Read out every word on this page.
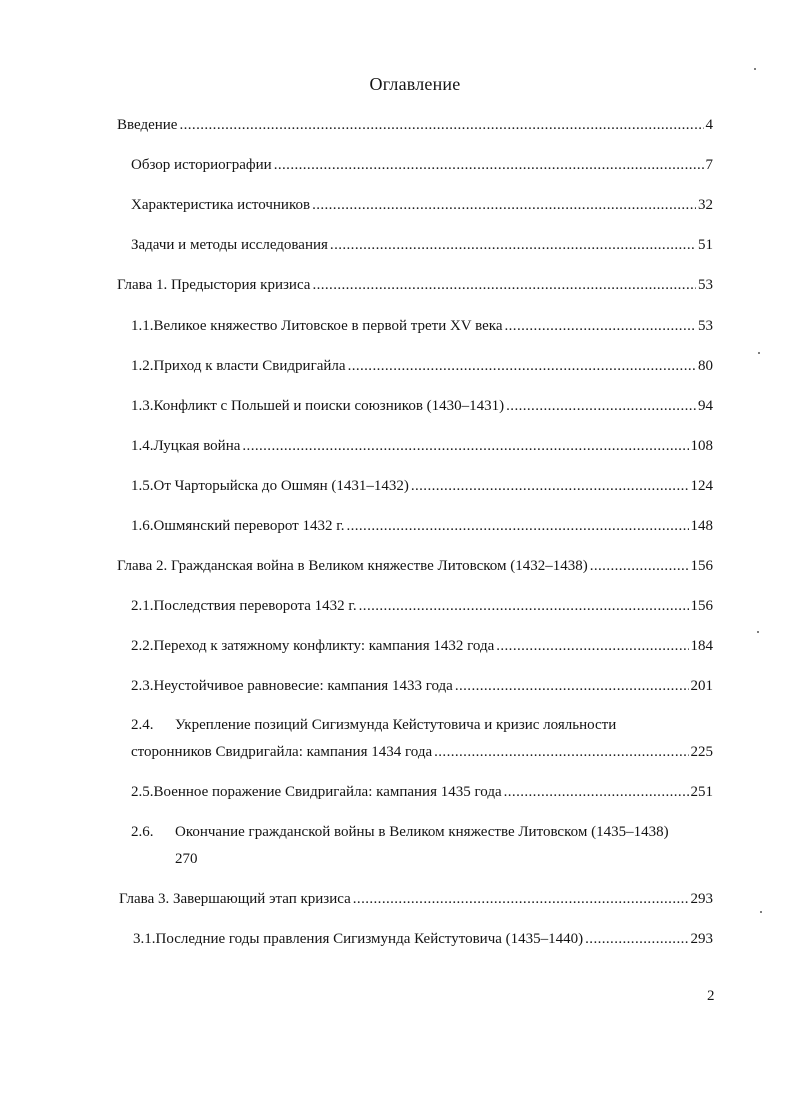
Оглавление
Введение .....	4
Обзор историографии .....	7
Характеристика источников .....	32
Задачи и методы исследования .....	51
Глава 1. Предыстория кризиса .....	53
1.1. Великое княжество Литовское в первой трети XV века .....	53
1.2. Приход к власти Свидригайла .....	80
1.3. Конфликт с Польшей и поиски союзников (1430–1431) .....	94
1.4. Луцкая война .....	108
1.5. От Чарторыйска до Ошмян (1431–1432) .....	124
1.6. Ошмянский переворот 1432 г. .....	148
Глава 2. Гражданская война в Великом княжестве Литовском (1432–1438) .....	156
2.1. Последствия переворота 1432 г. .....	156
2.2. Переход к затяжному конфликту: кампания 1432 года .....	184
2.3. Неустойчивое равновесие: кампания 1433 года .....	201
2.4. Укрепление позиций Сигизмунда Кейстутовича и кризис лояльности
сторонников Свидригайла: кампания 1434 года .....	225
2.5. Военное поражение Свидригайла: кампания 1435 года .....	251
2.6. Окончание гражданской войны в Великом княжестве Литовском (1435–1438)
270
Глава 3. Завершающий этап кризиса .....	293
3.1. Последние годы правления Сигизмунда Кейстутовича (1435–1440) .....	293
2
